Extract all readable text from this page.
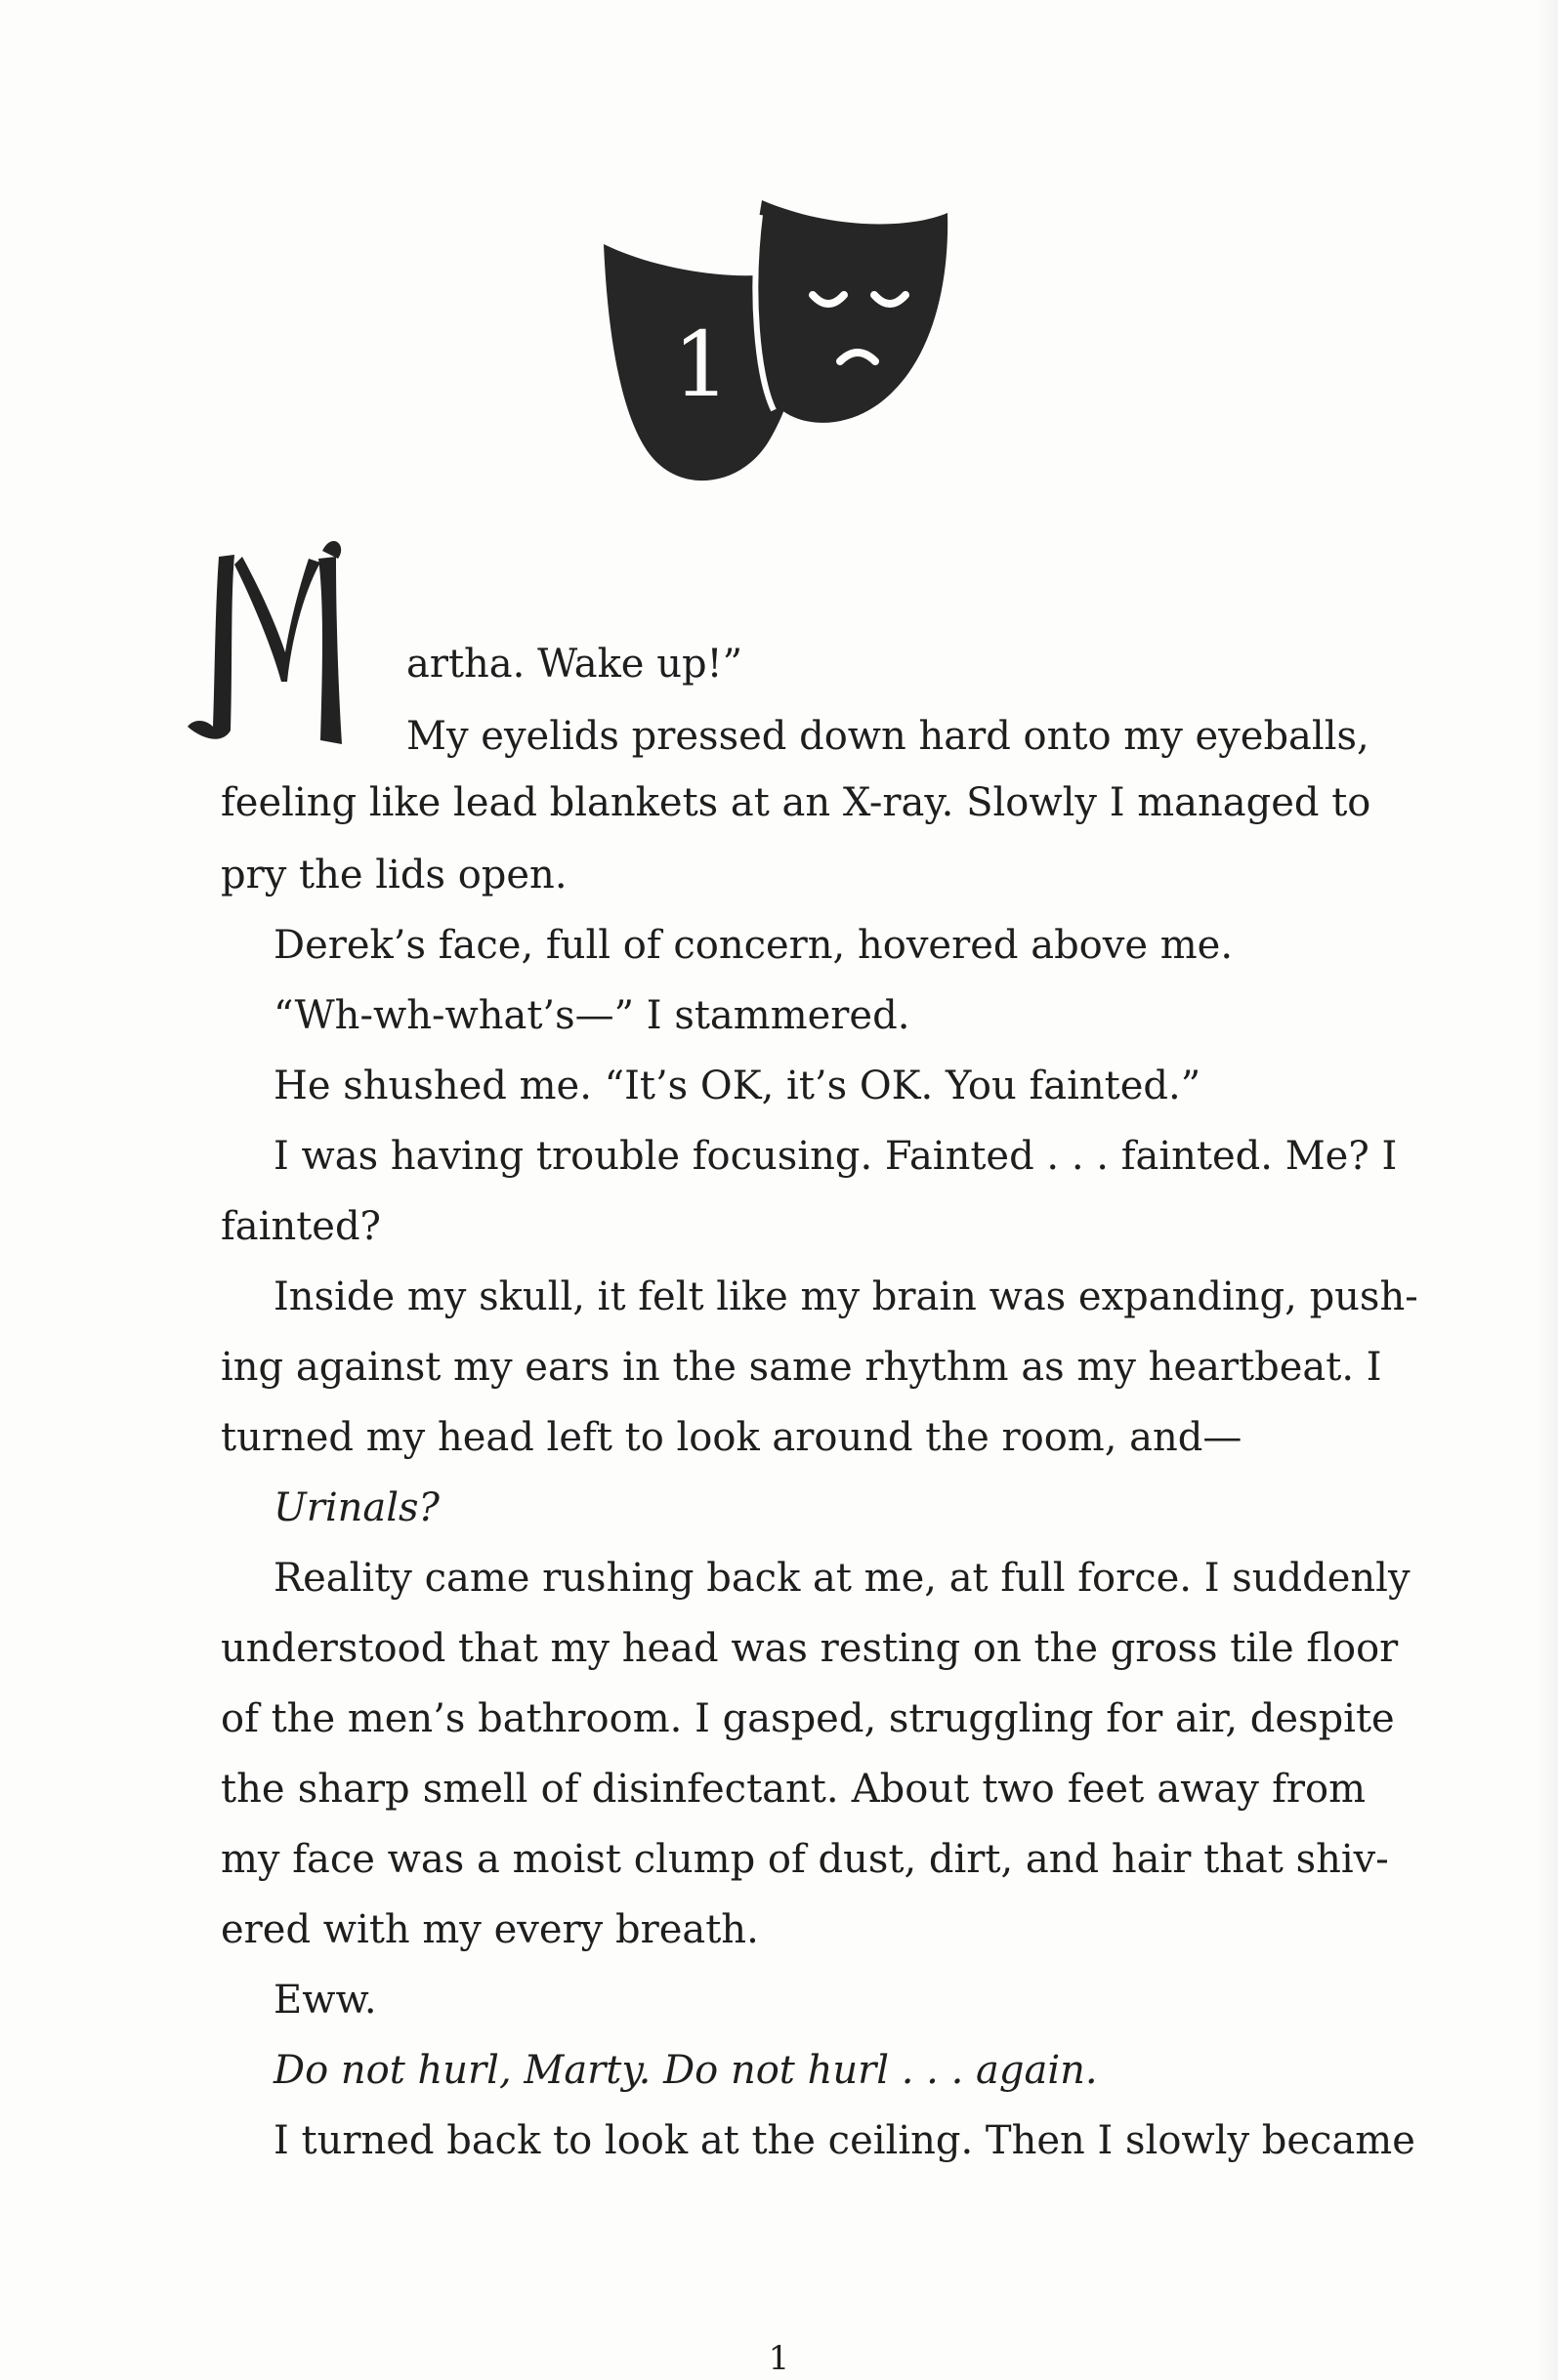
1
artha. Wake up!”
My eyelids pressed down hard onto my eyeballs,
feeling like lead blankets at an X-ray. Slowly I managed to
pry the lids open.
Derek’s face, full of concern, hovered above me.
“Wh-wh-what’s—” I stammered.
He shushed me. “It’s OK, it’s OK. You fainted.”
I was having trouble focusing. Fainted . . . fainted. Me? I
fainted?
Inside my skull, it felt like my brain was expanding, push-
ing against my ears in the same rhythm as my heartbeat. I
turned my head left to look around the room, and—
Urinals?
Reality came rushing back at me, at full force. I suddenly
understood that my head was resting on the gross tile floor
of the men’s bathroom. I gasped, struggling for air, despite
the sharp smell of disinfectant. About two feet away from
my face was a moist clump of dust, dirt, and hair that shiv-
ered with my every breath.
Eww.
Do not hurl, Marty. Do not hurl . . . again.
I turned back to look at the ceiling. Then I slowly became
1
